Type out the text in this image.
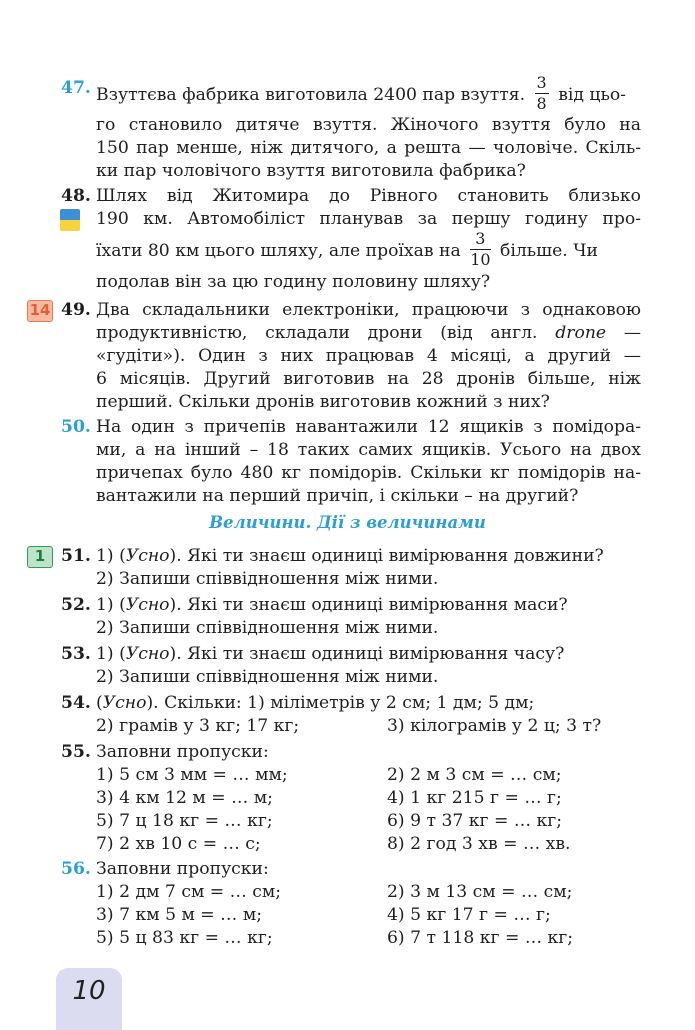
47. Взуттєва фабрика виготовила 2400 пар взуття. $\frac{3}{8}$ від цьо-
го становило дитяче взуття. Жіночого взуття було на
150 пар менше, ніж дитячого, а решта — чоловіче. Скіль-
ки пар чоловічого взуття виготовила фабрика?
48. Шлях від Житомира до Рівного становить близько
190 км. Автомобіліст планував за першу годину про-
їхати 80 км цього шляху, але проїхав на $\frac{3}{10}$ більше. Чи
подолав він за цю годину половину шляху?
14 49. Два складальники електроніки, працюючи з однаковою
продуктивністю, складали дрони (від англ. drone —
«гудіти»). Один з них працював 4 місяці, а другий —
6 місяців. Другий виготовив на 28 дронів більше, ніж
перший. Скільки дронів виготовив кожний з них?
50. На один з причепів навантажили 12 ящиків з помідора-
ми, а на інший – 18 таких самих ящиків. Усього на двох
причепах було 480 кг помідорів. Скільки кг помідорів на-
вантажили на перший причіп, і скільки – на другий?
Величини. Дії з величинами
1 51. 1) (Усно). Які ти знаєш одиниці вимірювання довжини?
2) Запиши співвідношення між ними.
52. 1) (Усно). Які ти знаєш одиниці вимірювання маси?
2) Запиши співвідношення між ними.
53. 1) (Усно). Які ти знаєш одиниці вимірювання часу?
2) Запиши співвідношення між ними.
54. (Усно). Скільки: 1) міліметрів у 2 см; 1 дм; 5 дм;
2) грамів у 3 кг; 17 кг;	3) кілограмів у 2 ц; 3 т?
55. Заповни пропуски:
1) 5 см 3 мм = … мм;	2) 2 м 3 см = … см;
3) 4 км 12 м = … м;	4) 1 кг 215 г = … г;
5) 7 ц 18 кг = … кг;	6) 9 т 37 кг = … кг;
7) 2 хв 10 с = … с;	8) 2 год 3 хв = … хв.
56. Заповни пропуски:
1) 2 дм 7 см = … см;	2) 3 м 13 см = … см;
3) 7 км 5 м = … м;	4) 5 кг 17 г = … г;
5) 5 ц 83 кг = … кг;	6) 7 т 118 кг = … кг;
10
